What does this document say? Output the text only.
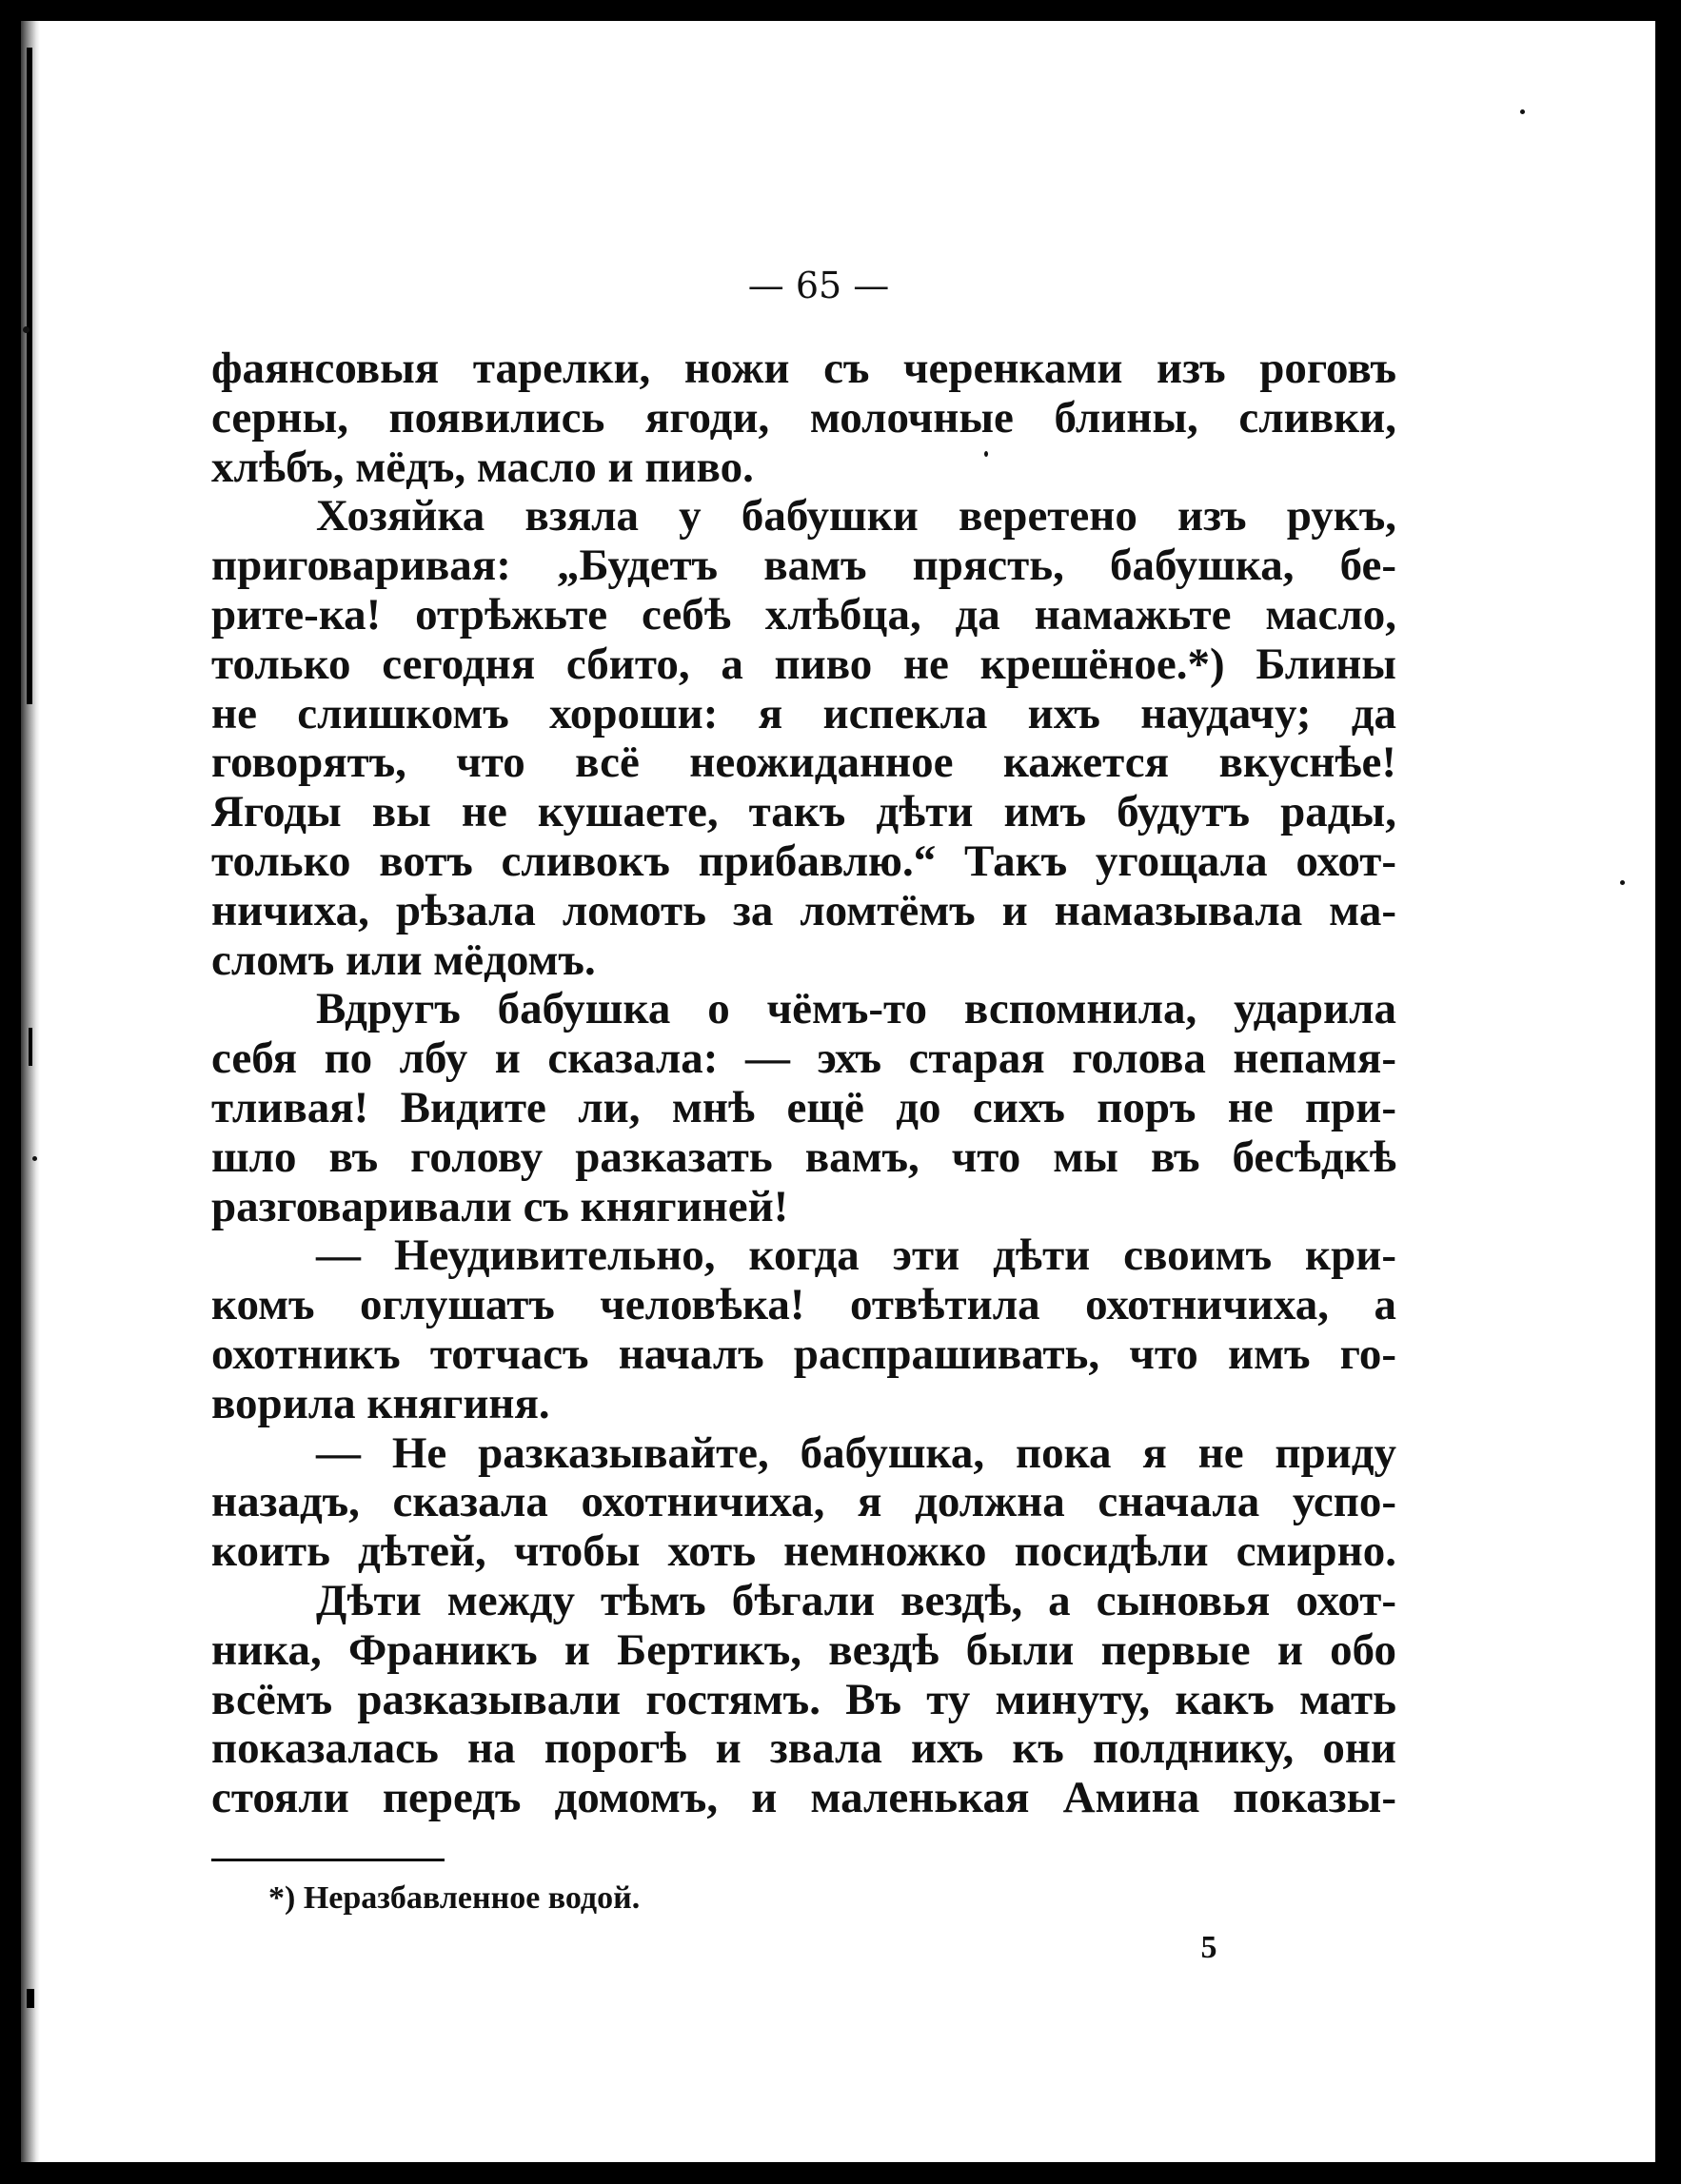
— 65 —

фаянсовыя тарелки, ножи съ черенками изъ роговъ
серны, появились ягоди, молочные блины, сливки,
хлѣбъ, мёдъ, масло и пиво.
Хозяйка взяла у бабушки веретено изъ рукъ,
приговаривая: „Будетъ вамъ прясть, бабушка, бе-
рите-ка! отрѣжьте себѣ хлѣбца, да намажьте масло,
только сегодня сбито, а пиво не крешёное.*) Блины
не слишкомъ хороши: я испекла ихъ наудачу; да
говорятъ, что всё неожиданное кажется вкуснѣе!
Ягоды вы не кушаете, такъ дѣти имъ будутъ рады,
только вотъ сливокъ прибавлю.“ Такъ угощала охот-
ничиха, рѣзала ломоть за ломтёмъ и намазывала ма-
сломъ или мёдомъ.
Вдругъ бабушка о чёмъ-то вспомнила, ударила
себя по лбу и сказала: — эхъ старая голова непамя-
тливая! Видите ли, мнѣ ещё до сихъ поръ не при-
шло въ голову разказать вамъ, что мы въ бесѣдкѣ
разговаривали съ княгиней!
— Неудивительно, когда эти дѣти своимъ кри-
комъ оглушатъ человѣка! отвѣтила охотничиха, а
охотникъ тотчасъ началъ распрашивать, что имъ го-
ворила княгиня.
— Не разказывайте, бабушка, пока я не приду
назадъ, сказала охотничиха, я должна сначала успо-
коить дѣтей, чтобы хоть немножко посидѣли смирно.
Дѣти между тѣмъ бѣгали вездѣ, а сыновья охот-
ника, Франикъ и Бертикъ, вездѣ были первые и обо
всёмъ разказывали гостямъ. Въ ту минуту, какъ мать
показалась на порогѣ и звала ихъ къ полднику, они
стояли передъ домомъ, и маленькая Амина показы-

*) Неразбавленное водой.

5
